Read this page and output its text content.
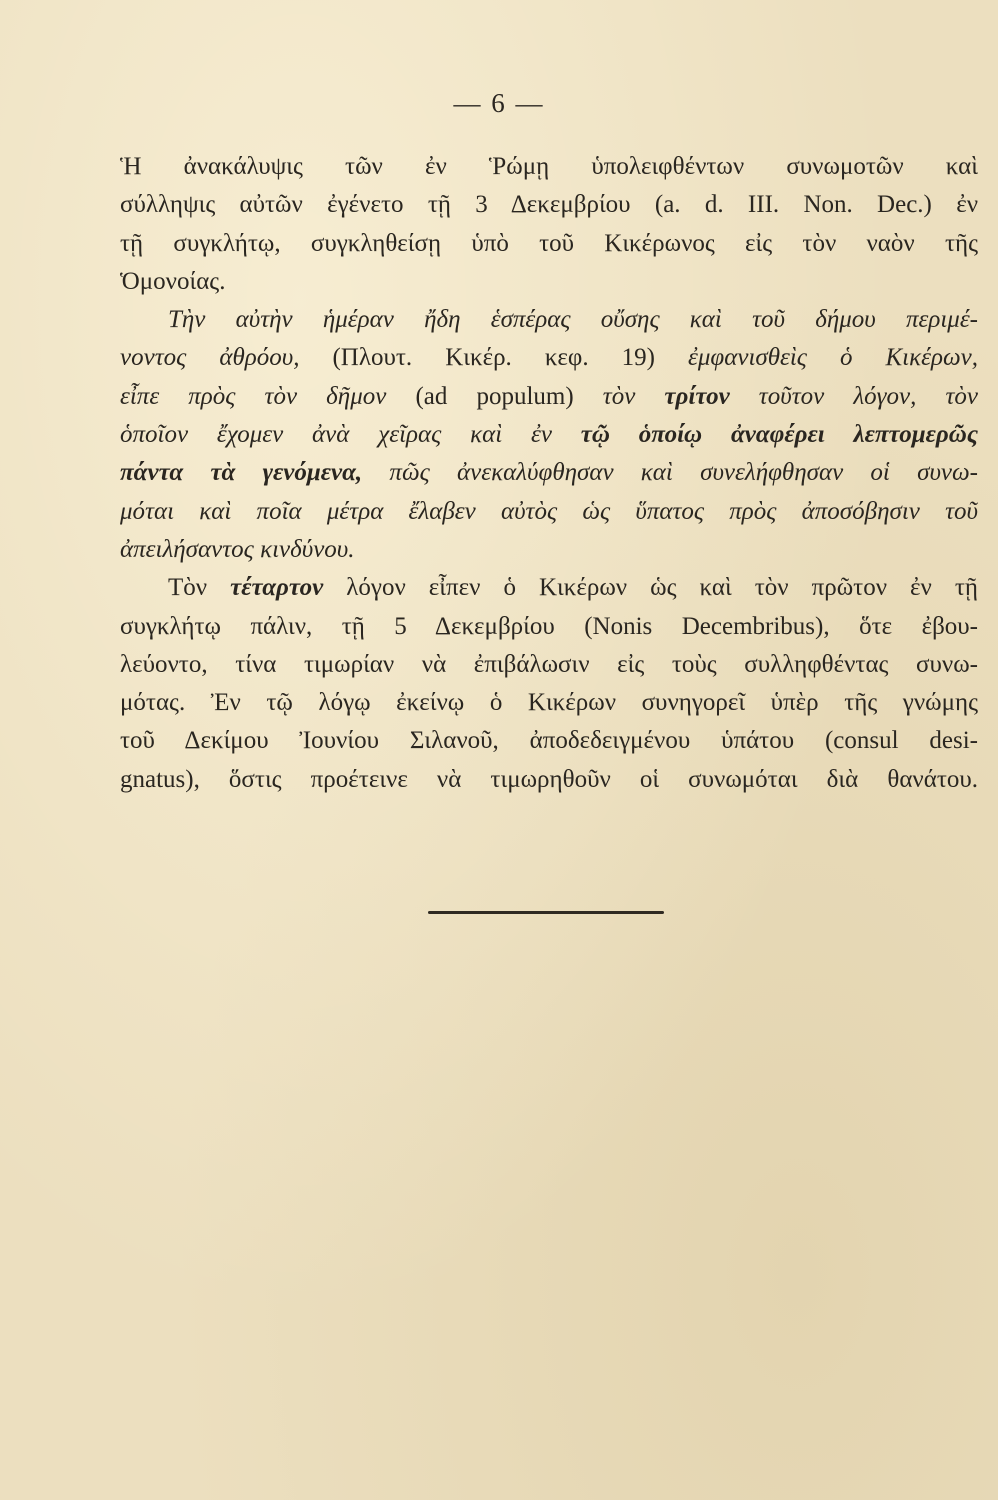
— 6 —
Ἡ ἀνακάλυψις τῶν ἐν Ῥώμῃ ὑπολειφθέντων συνωμοτῶν καὶ
σύλληψις αὐτῶν ἐγένετο τῇ 3 Δεκεμβρίου (a. d. III. Non. Dec.) ἐν
τῇ συγκλήτῳ, συγκληθείσῃ ὑπὸ τοῦ Κικέρωνος εἰς τὸν ναὸν τῆς
Ὁμονοίας.
Τὴν αὐτὴν ἡμέραν ἤδη ἑσπέρας οὔσης καὶ τοῦ δήμου περιμέ-
νοντος ἀθρόου, (Πλουτ. Κικέρ. κεφ. 19) ἐμφανισθεὶς ὁ Κικέρων,
εἶπε πρὸς τὸν δῆμον (ad populum) τὸν τρίτον τοῦτον λόγον, τὸν
ὁποῖον ἔχομεν ἀνὰ χεῖρας καὶ ἐν τῷ ὁποίῳ ἀναφέρει λεπτομερῶς
πάντα τὰ γενόμενα, πῶς ἀνεκαλύφθησαν καὶ συνελήφθησαν οἱ συνω-
μόται καὶ ποῖα μέτρα ἔλαβεν αὐτὸς ὡς ὕπατος πρὸς ἀποσόβησιν τοῦ
ἀπειλήσαντος κινδύνου.
Τὸν τέταρτον λόγον εἶπεν ὁ Κικέρων ὡς καὶ τὸν πρῶτον ἐν τῇ
συγκλήτῳ πάλιν, τῇ 5 Δεκεμβρίου (Nonis Decembribus), ὅτε ἐβου-
λεύοντο, τίνα τιμωρίαν νὰ ἐπιβάλωσιν εἰς τοὺς συλληφθέντας συνω-
μότας. Ἐν τῷ λόγῳ ἐκείνῳ ὁ Κικέρων συνηγορεῖ ὑπὲρ τῆς γνώμης
τοῦ Δεκίμου Ἰουνίου Σιλανοῦ, ἀποδεδειγμένου ὑπάτου (consul desi-
gnatus), ὅστις προέτεινε νὰ τιμωρηθοῦν οἱ συνωμόται διὰ θανάτου.
